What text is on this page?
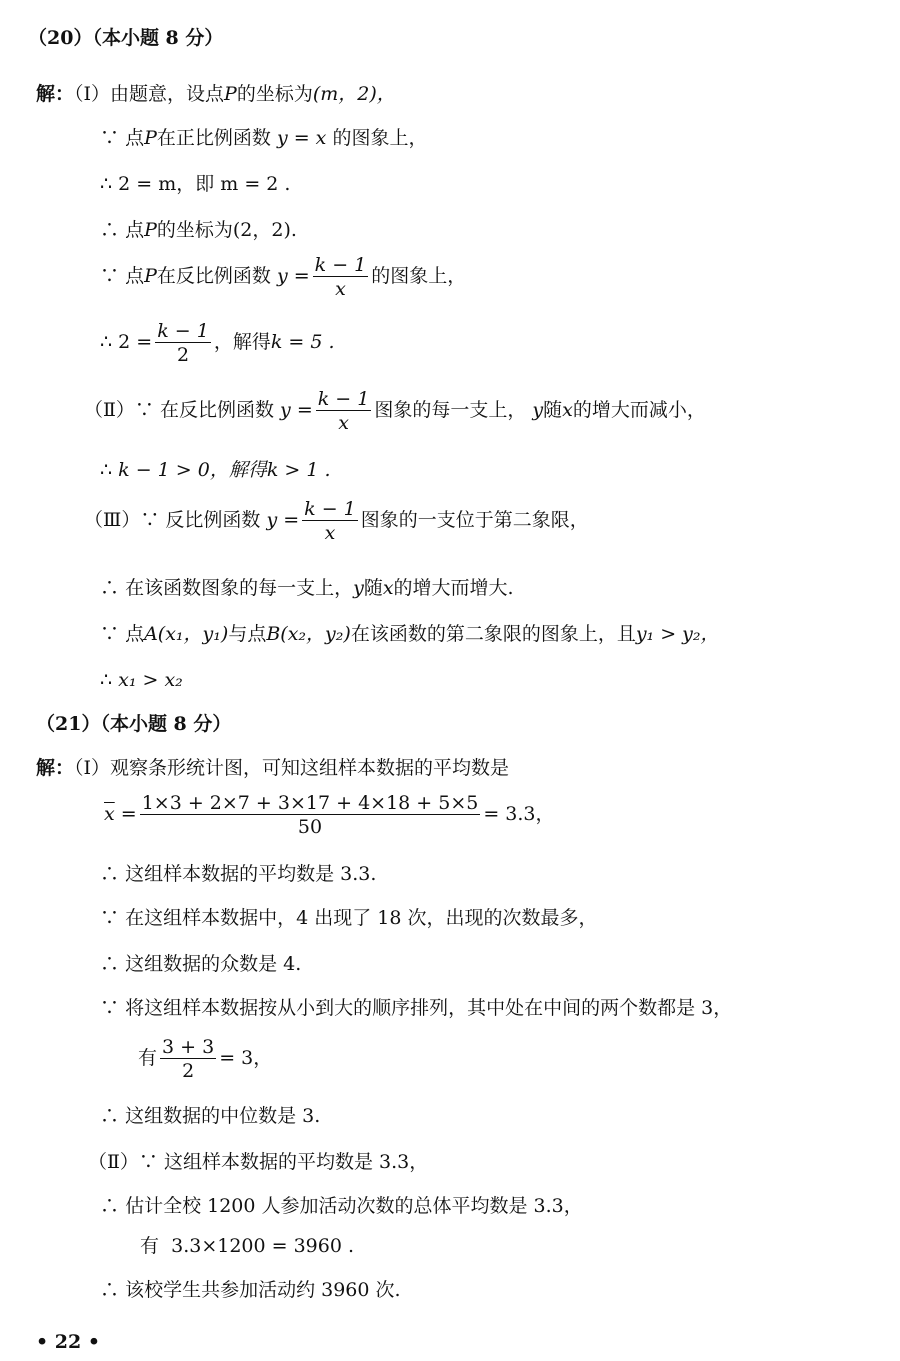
（20）（本小题 8 分）
解：（Ⅰ）由题意，设点P的坐标为(m，2)，
∵ 点P在正比例函数 y = x 的图象上，
∴ 2 = m，即 m = 2 .
∴ 点P的坐标为(2，2).
∵ 点P在反比例函数 $y = \frac{k - 1}{x}$ 的图象上，
∴ $2 = \frac{k - 1}{2}$ ，解得k = 5 .
（Ⅱ）∵ 在反比例函数 $y = \frac{k - 1}{x}$ 图象的每一支上， y随x的增大而减小，
∴ k − 1 > 0，解得k > 1 .
（Ⅲ）∵ 反比例函数 $y = \frac{k - 1}{x}$ 图象的一支位于第二象限，
∴ 在该函数图象的每一支上，y随x的增大而增大.
∵ 点A(x₁，y₁)与点B(x₂，y₂)在该函数的第二象限的图象上，且y₁ > y₂，
∴ x₁ > x₂
（21）（本小题 8 分）
解：（Ⅰ）观察条形统计图，可知这组样本数据的平均数是
$\overline{x} = \frac{1\times 3 + 2\times 7 + 3\times 17 + 4\times 18 + 5\times 5}{50} = 3.3$，
∴ 这组样本数据的平均数是 3.3.
∵ 在这组样本数据中，4 出现了 18 次，出现的次数最多，
∴ 这组数据的众数是 4.
∵ 将这组样本数据按从小到大的顺序排列，其中处在中间的两个数都是 3，
有 $\frac{3 + 3}{2} = 3$，
∴ 这组数据的中位数是 3.
（Ⅱ）∵ 这组样本数据的平均数是 3.3，
∴ 估计全校 1200 人参加活动次数的总体平均数是 3.3，
有 3.3×1200 = 3960 .
∴ 该校学生共参加活动约 3960 次.
• 22 •
